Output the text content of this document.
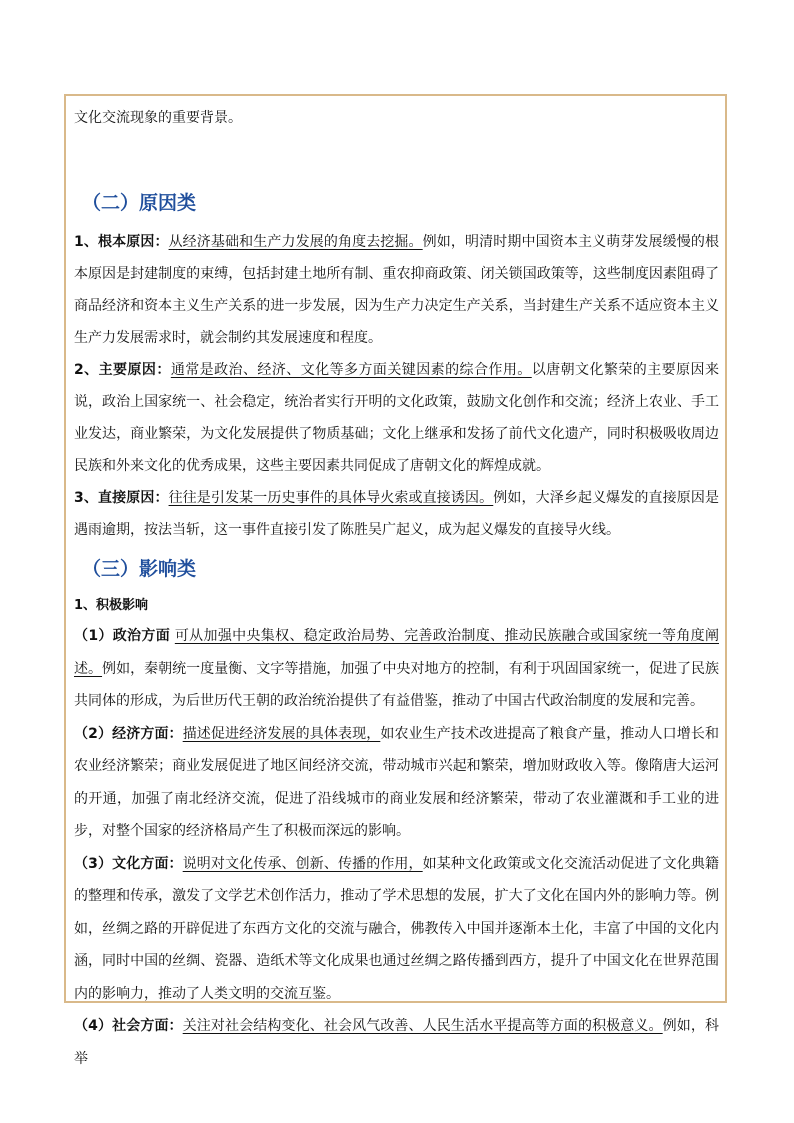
文化交流现象的重要背景。

（二）原因类

1、根本原因：从经济基础和生产力发展的角度去挖掘。例如，明清时期中国资本主义萌芽发展缓慢的根本原因是封建制度的束缚，包括封建土地所有制、重农抑商政策、闭关锁国政策等，这些制度因素阻碍了商品经济和资本主义生产关系的进一步发展，因为生产力决定生产关系，当封建生产关系不适应资本主义生产力发展需求时，就会制约其发展速度和程度。

2、主要原因：通常是政治、经济、文化等多方面关键因素的综合作用。以唐朝文化繁荣的主要原因来说，政治上国家统一、社会稳定，统治者实行开明的文化政策，鼓励文化创作和交流；经济上农业、手工业发达，商业繁荣，为文化发展提供了物质基础；文化上继承和发扬了前代文化遗产，同时积极吸收周边民族和外来文化的优秀成果，这些主要因素共同促成了唐朝文化的辉煌成就。

3、直接原因：往往是引发某一历史事件的具体导火索或直接诱因。例如，大泽乡起义爆发的直接原因是遇雨逾期，按法当斩，这一事件直接引发了陈胜吴广起义，成为起义爆发的直接导火线。

（三）影响类

1、积极影响

（1）政治方面 可从加强中央集权、稳定政治局势、完善政治制度、推动民族融合或国家统一等角度阐述。例如，秦朝统一度量衡、文字等措施，加强了中央对地方的控制，有利于巩固国家统一，促进了民族共同体的形成，为后世历代王朝的政治统治提供了有益借鉴，推动了中国古代政治制度的发展和完善。

（2）经济方面：描述促进经济发展的具体表现，如农业生产技术改进提高了粮食产量，推动人口增长和农业经济繁荣；商业发展促进了地区间经济交流，带动城市兴起和繁荣，增加财政收入等。像隋唐大运河的开通，加强了南北经济交流，促进了沿线城市的商业发展和经济繁荣，带动了农业灌溉和手工业的进步，对整个国家的经济格局产生了积极而深远的影响。

（3）文化方面：说明对文化传承、创新、传播的作用，如某种文化政策或文化交流活动促进了文化典籍的整理和传承，激发了文学艺术创作活力，推动了学术思想的发展，扩大了文化在国内外的影响力等。例如，丝绸之路的开辟促进了东西方文化的交流与融合，佛教传入中国并逐渐本土化，丰富了中国的文化内涵，同时中国的丝绸、瓷器、造纸术等文化成果也通过丝绸之路传播到西方，提升了中国文化在世界范围内的影响力，推动了人类文明的交流互鉴。

（4）社会方面：关注对社会结构变化、社会风气改善、人民生活水平提高等方面的积极意义。例如，科举
